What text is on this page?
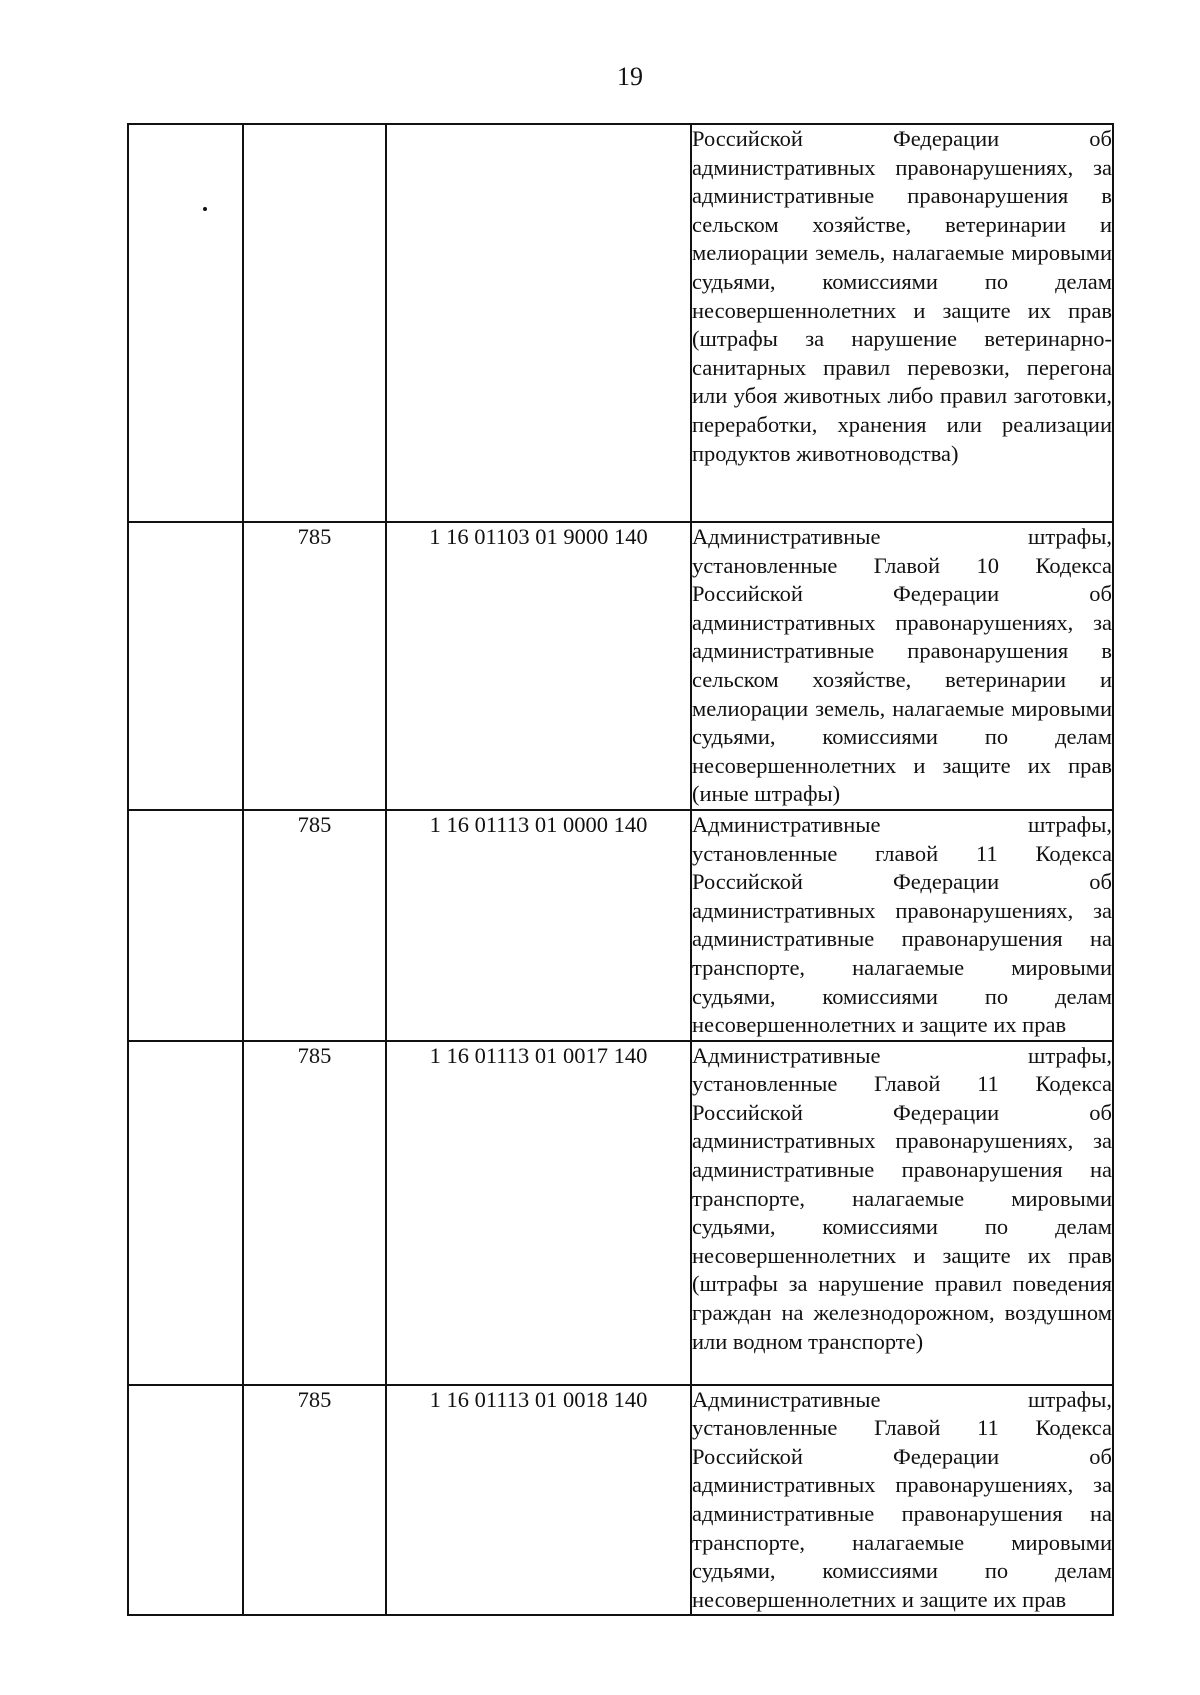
19

			Российской Федерации об административных правонарушениях, за административные правонарушения в сельском хозяйстве, ветеринарии и мелиорации земель, налагаемые мировыми судьями, комиссиями по делам несовершеннолетних и защите их прав (штрафы за нарушение ветеринарно-санитарных правил перевозки, перегона или убоя животных либо правил заготовки, переработки, хранения или реализации продуктов животноводства)

	785	1 16 01103 01 9000 140	Административные штрафы, установленные Главой 10 Кодекса Российской Федерации об административных правонарушениях, за административные правонарушения в сельском хозяйстве, ветеринарии и мелиорации земель, налагаемые мировыми судьями, комиссиями по делам несовершеннолетних и защите их прав (иные штрафы)

	785	1 16 01113 01 0000 140	Административные штрафы, установленные главой 11 Кодекса Российской Федерации об административных правонарушениях, за административные правонарушения на транспорте, налагаемые мировыми судьями, комиссиями по делам несовершеннолетних и защите их прав

	785	1 16 01113 01 0017 140	Административные штрафы, установленные Главой 11 Кодекса Российской Федерации об административных правонарушениях, за административные правонарушения на транспорте, налагаемые мировыми судьями, комиссиями по делам несовершеннолетних и защите их прав (штрафы за нарушение правил поведения граждан на железнодорожном, воздушном или водном транспорте)

	785	1 16 01113 01 0018 140	Административные штрафы, установленные Главой 11 Кодекса Российской Федерации об административных правонарушениях, за административные правонарушения на транспорте, налагаемые мировыми судьями, комиссиями по делам несовершеннолетних и защите их прав
